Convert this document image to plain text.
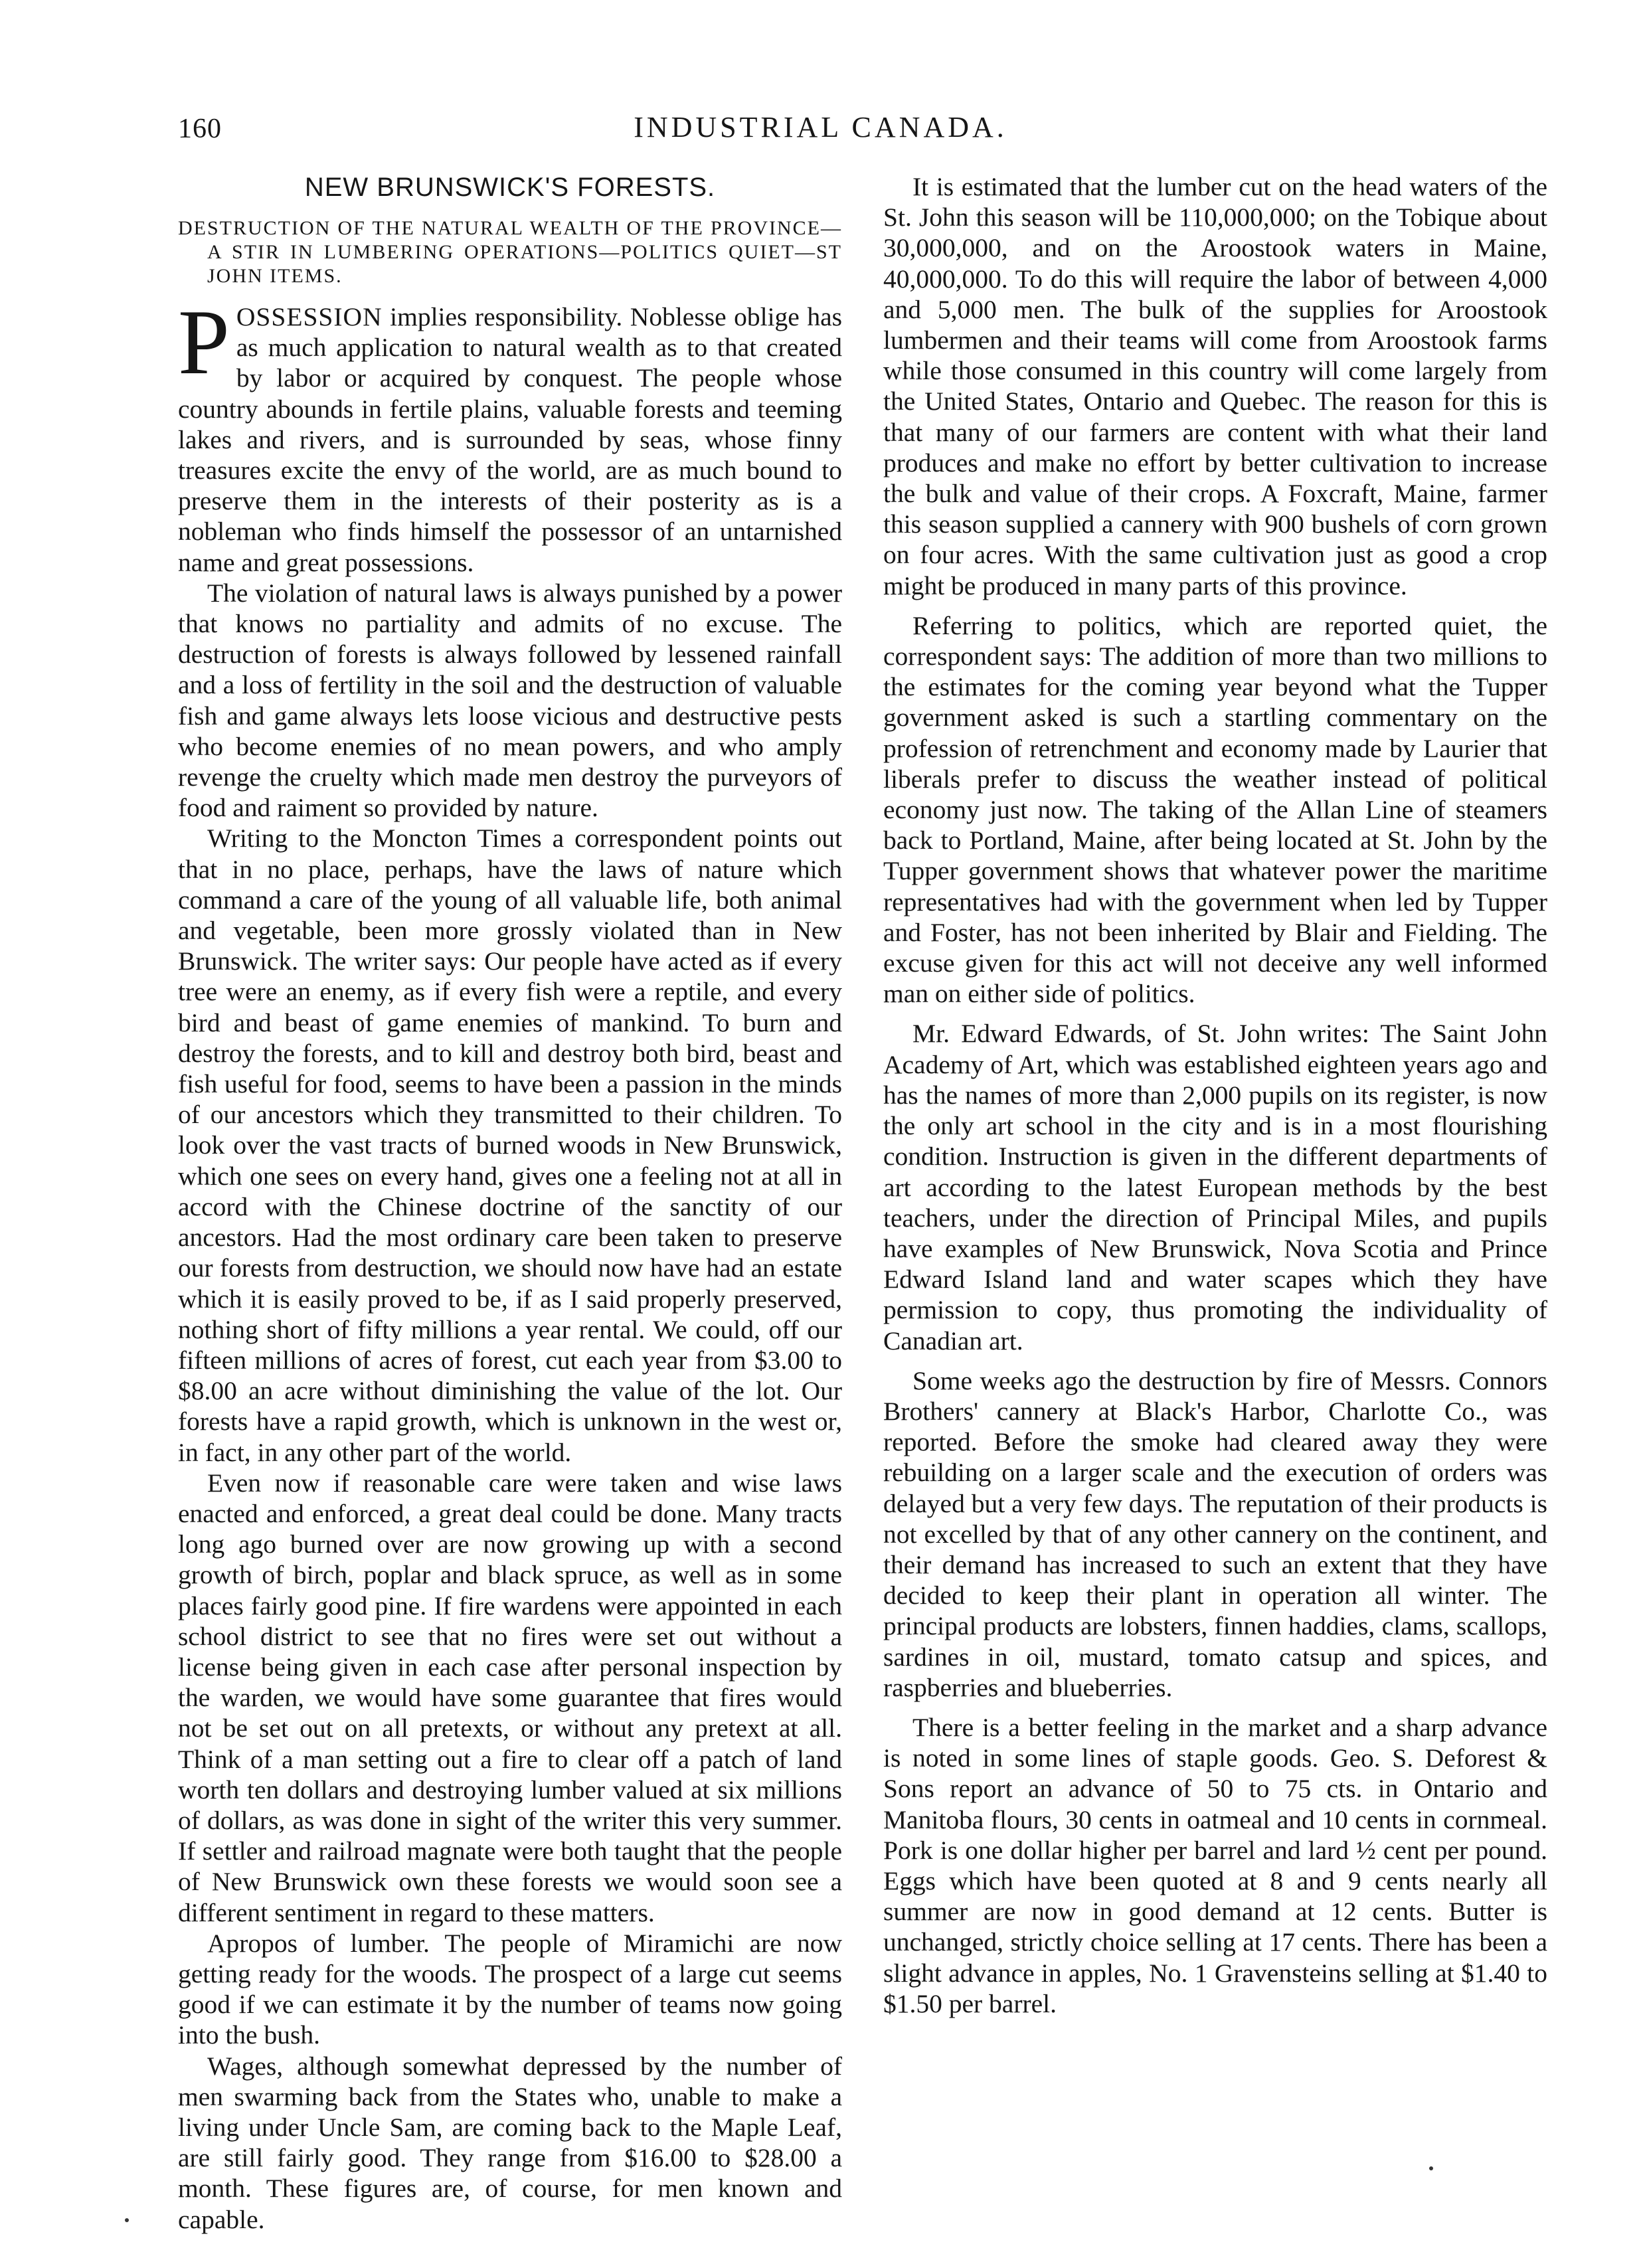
160	INDUSTRIAL CANADA.
NEW BRUNSWICK'S FORESTS.
DESTRUCTION OF THE NATURAL WEALTH OF THE PROVINCE—A STIR IN LUMBERING OPERATIONS—POLITICS QUIET—ST JOHN ITEMS.

POSSESSION implies responsibility. Noblesse oblige has as much application to natural wealth as to that created by labor or acquired by conquest. The people whose country abounds in fertile plains, valuable forests and teeming lakes and rivers, and is surrounded by seas, whose finny treasures excite the envy of the world, are as much bound to preserve them in the interests of their posterity as is a nobleman who finds himself the possessor of an untarnished name and great possessions.

The violation of natural laws is always punished by a power that knows no partiality and admits of no excuse. The destruction of forests is always followed by lessened rainfall and a loss of fertility in the soil and the destruction of valuable fish and game always lets loose vicious and destructive pests who become enemies of no mean powers, and who amply revenge the cruelty which made men destroy the purveyors of food and raiment so provided by nature.

Writing to the Moncton Times a correspondent points out that in no place, perhaps, have the laws of nature which command a care of the young of all valuable life, both animal and vegetable, been more grossly violated than in New Brunswick. The writer says: Our people have acted as if every tree were an enemy, as if every fish were a reptile, and every bird and beast of game enemies of mankind. To burn and destroy the forests, and to kill and destroy both bird, beast and fish useful for food, seems to have been a passion in the minds of our ancestors which they transmitted to their children. To look over the vast tracts of burned woods in New Brunswick, which one sees on every hand, gives one a feeling not at all in accord with the Chinese doctrine of the sanctity of our ancestors. Had the most ordinary care been taken to preserve our forests from destruction, we should now have had an estate which it is easily proved to be, if as I said properly preserved, nothing short of fifty millions a year rental. We could, off our fifteen millions of acres of forest, cut each year from $3.00 to $8.00 an acre without diminishing the value of the lot. Our forests have a rapid growth, which is unknown in the west or, in fact, in any other part of the world.

Even now if reasonable care were taken and wise laws enacted and enforced, a great deal could be done. Many tracts long ago burned over are now growing up with a second growth of birch, poplar and black spruce, as well as in some places fairly good pine. If fire wardens were appointed in each school district to see that no fires were set out without a license being given in each case after personal inspection by the warden, we would have some guarantee that fires would not be set out on all pretexts, or without any pretext at all. Think of a man setting out a fire to clear off a patch of land worth ten dollars and destroying lumber valued at six millions of dollars, as was done in sight of the writer this very summer. If settler and railroad magnate were both taught that the people of New Brunswick own these forests we would soon see a different sentiment in regard to these matters.

Apropos of lumber. The people of Miramichi are now getting ready for the woods. The prospect of a large cut seems good if we can estimate it by the number of teams now going into the bush.

Wages, although somewhat depressed by the number of men swarming back from the States who, unable to make a living under Uncle Sam, are coming back to the Maple Leaf, are still fairly good. They range from $16.00 to $28.00 a month. These figures are, of course, for men known and capable.

It is estimated that the lumber cut on the head waters of the St. John this season will be 110,000,000; on the Tobique about 30,000,000, and on the Aroostook waters in Maine, 40,000,000. To do this will require the labor of between 4,000 and 5,000 men. The bulk of the supplies for Aroostook lumbermen and their teams will come from Aroostook farms while those consumed in this country will come largely from the United States, Ontario and Quebec. The reason for this is that many of our farmers are content with what their land produces and make no effort by better cultivation to increase the bulk and value of their crops. A Foxcraft, Maine, farmer this season supplied a cannery with 900 bushels of corn grown on four acres. With the same cultivation just as good a crop might be produced in many parts of this province.

Referring to politics, which are reported quiet, the correspondent says: The addition of more than two millions to the estimates for the coming year beyond what the Tupper government asked is such a startling commentary on the profession of retrenchment and economy made by Laurier that liberals prefer to discuss the weather instead of political economy just now. The taking of the Allan Line of steamers back to Portland, Maine, after being located at St. John by the Tupper government shows that whatever power the maritime representatives had with the government when led by Tupper and Foster, has not been inherited by Blair and Fielding. The excuse given for this act will not deceive any well informed man on either side of politics.

Mr. Edward Edwards, of St. John writes: The Saint John Academy of Art, which was established eighteen years ago and has the names of more than 2,000 pupils on its register, is now the only art school in the city and is in a most flourishing condition. Instruction is given in the different departments of art according to the latest European methods by the best teachers, under the direction of Principal Miles, and pupils have examples of New Brunswick, Nova Scotia and Prince Edward Island land and water scapes which they have permission to copy, thus promoting the individuality of Canadian art.

Some weeks ago the destruction by fire of Messrs. Connors Brothers' cannery at Black's Harbor, Charlotte Co., was reported. Before the smoke had cleared away they were rebuilding on a larger scale and the execution of orders was delayed but a very few days. The reputation of their products is not excelled by that of any other cannery on the continent, and their demand has increased to such an extent that they have decided to keep their plant in operation all winter. The principal products are lobsters, finnen haddies, clams, scallops, sardines in oil, mustard, tomato catsup and spices, and raspberries and blueberries.

There is a better feeling in the market and a sharp advance is noted in some lines of staple goods. Geo. S. Deforest & Sons report an advance of 50 to 75 cts. in Ontario and Manitoba flours, 30 cents in oatmeal and 10 cents in cornmeal. Pork is one dollar higher per barrel and lard ½ cent per pound. Eggs which have been quoted at 8 and 9 cents nearly all summer are now in good demand at 12 cents. Butter is unchanged, strictly choice selling at 17 cents. There has been a slight advance in apples, No. 1 Gravensteins selling at $1.40 to $1.50 per barrel.
